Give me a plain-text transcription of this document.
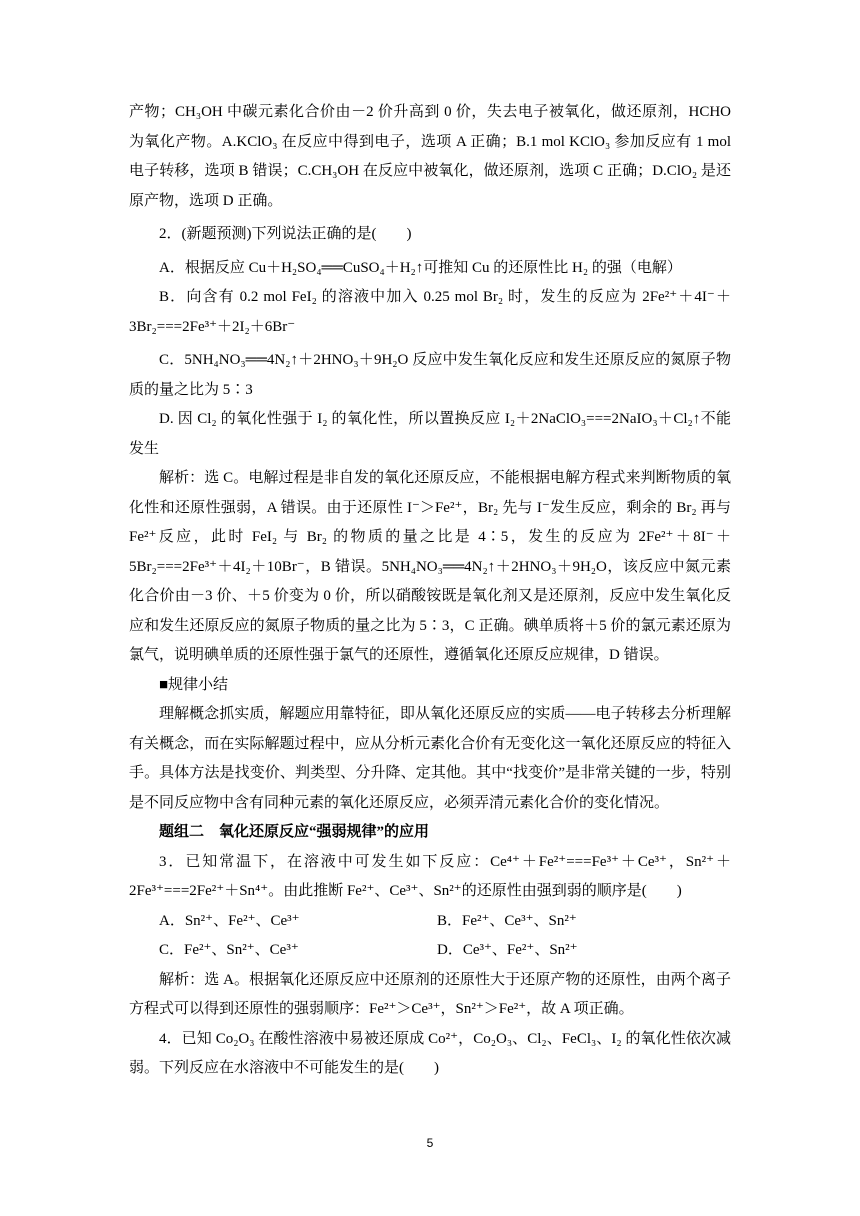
产物；CH₃OH 中碳元素化合价由－2 价升高到 0 价，失去电子被氧化，做还原剂，HCHO 为氧化产物。A.KClO₃ 在反应中得到电子，选项 A 正确；B.1 mol KClO₃ 参加反应有 1 mol 电子转移，选项 B 错误；C.CH₃OH 在反应中被氧化，做还原剂，选项 C 正确；D.ClO₂ 是还原产物，选项 D 正确。

2．(新题预测)下列说法正确的是(　　)

A．根据反应 Cu＋H₂SO₄══CuSO₄＋H₂↑可推知 Cu 的还原性比 H₂ 的强（电解）

B．向含有 0.2 mol FeI₂ 的溶液中加入 0.25 mol Br₂ 时，发生的反应为 2Fe²⁺＋4I⁻＋3Br₂===2Fe³⁺＋2I₂＋6Br⁻

C．5NH₄NO₃══4N₂↑＋2HNO₃＋9H₂O 反应中发生氧化反应和发生还原反应的氮原子物质的量之比为 5∶3

D. 因 Cl₂ 的氧化性强于 I₂ 的氧化性，所以置换反应 I₂＋2NaClO₃===2NaIO₃＋Cl₂↑不能发生

解析：选 C。电解过程是非自发的氧化还原反应，不能根据电解方程式来判断物质的氧化性和还原性强弱，A 错误。由于还原性 I⁻＞Fe²⁺，Br₂ 先与 I⁻发生反应，剩余的 Br₂ 再与 Fe²⁺反应，此时 FeI₂ 与 Br₂ 的物质的量之比是 4∶5，发生的反应为 2Fe²⁺＋8I⁻＋5Br₂===2Fe³⁺＋4I₂＋10Br⁻，B 错误。5NH₄NO₃══4N₂↑＋2HNO₃＋9H₂O，该反应中氮元素化合价由－3 价、＋5 价变为 0 价，所以硝酸铵既是氧化剂又是还原剂，反应中发生氧化反应和发生还原反应的氮原子物质的量之比为 5∶3，C 正确。碘单质将＋5 价的氯元素还原为氯气，说明碘单质的还原性强于氯气的还原性，遵循氧化还原反应规律，D 错误。

■规律小结

理解概念抓实质，解题应用靠特征，即从氧化还原反应的实质——电子转移去分析理解有关概念，而在实际解题过程中，应从分析元素化合价有无变化这一氧化还原反应的特征入手。具体方法是找变价、判类型、分升降、定其他。其中“找变价”是非常关键的一步，特别是不同反应物中含有同种元素的氧化还原反应，必须弄清元素化合价的变化情况。

题组二　氧化还原反应“强弱规律”的应用

3．已知常温下，在溶液中可发生如下反应：Ce⁴⁺＋Fe²⁺===Fe³⁺＋Ce³⁺，Sn²⁺＋2Fe³⁺===2Fe²⁺＋Sn⁴⁺。由此推断 Fe²⁺、Ce³⁺、Sn²⁺的还原性由强到弱的顺序是(　　)

A．Sn²⁺、Fe²⁺、Ce³⁺	B．Fe²⁺、Ce³⁺、Sn²⁺
C．Fe²⁺、Sn²⁺、Ce³⁺	D．Ce³⁺、Fe²⁺、Sn²⁺

解析：选 A。根据氧化还原反应中还原剂的还原性大于还原产物的还原性，由两个离子方程式可以得到还原性的强弱顺序：Fe²⁺＞Ce³⁺，Sn²⁺＞Fe²⁺，故 A 项正确。

4．已知 Co₂O₃ 在酸性溶液中易被还原成 Co²⁺，Co₂O₃、Cl₂、FeCl₃、I₂ 的氧化性依次减弱。下列反应在水溶液中不可能发生的是(　　)

5
